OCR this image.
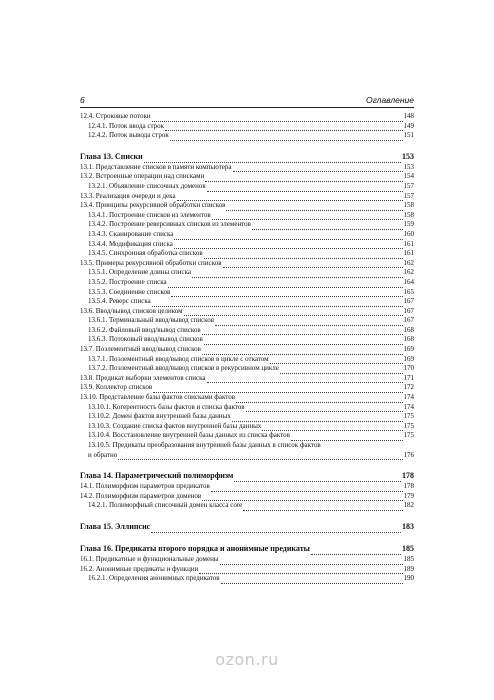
6	Оглавление
12.4. Строковые потоки	148
12.4.1. Поток ввода строк	149
12.4.2. Поток вывода строк	151
Глава 13. Списки	153
13.1. Представление списков в памяти компьютера	153
13.2. Встроенные операции над списками	154
13.2.1. Объявление списочных доменов	157
13.3. Реализация очереди и дека	157
13.4. Принципы рекурсивной обработки списков	158
13.4.1. Построение списков из элементов	158
13.4.2. Построение реверсивных списков из элементов	159
13.4.3. Сканирование списка	160
13.4.4. Модификация списка	161
13.4.5. Синхронная обработка списков	161
13.5. Примеры рекурсивной обработки списков	162
13.5.1. Определение длины списка	162
13.5.2. Построение списка	164
13.5.3. Соединение списков	165
13.5.4. Реверс списка	167
13.6. Ввод/вывод списков целиком	167
13.6.1. Терминальный ввод/вывод списков	167
13.6.2. Файловый ввод/вывод списков	168
13.6.3. Потоковый ввод/вывод списков	168
13.7. Поэлементный ввод/вывод списков	169
13.7.1. Поэлементный ввод/вывод списков в цикле с откатом	169
13.7.2. Поэлементный ввод/вывод списков в рекурсивном цикле	170
13.8. Предикат выборки элементов списка	171
13.9. Коллектор списков	172
13.10. Представление базы фактов списками фактов	174
13.10.1. Когерентность базы фактов и списка фактов	174
13.10.2. Домен фактов внутренней базы данных	175
13.10.3. Создание списка фактов внутренней базы данных	175
13.10.4. Восстановление внутренней базы данных из списка фактов	175
13.10.5. Предикаты преобразования внутренней базы данных в список фактов
и обратно	176
Глава 14. Параметрический полиморфизм	178
14.1. Полиморфизм параметров предикатов	178
14.2. Полиморфизм параметров доменов	179
14.2.1. Полиморфный списочный домен класса core	182
Глава 15. Эллипсис	183
Глава 16. Предикаты второго порядка и анонимные предикаты	185
16.1. Предикатные и функциональные домены	185
16.2. Анонимные предикаты и функции	189
16.2.1. Определения анонимных предикатов	190
ozon.ru
